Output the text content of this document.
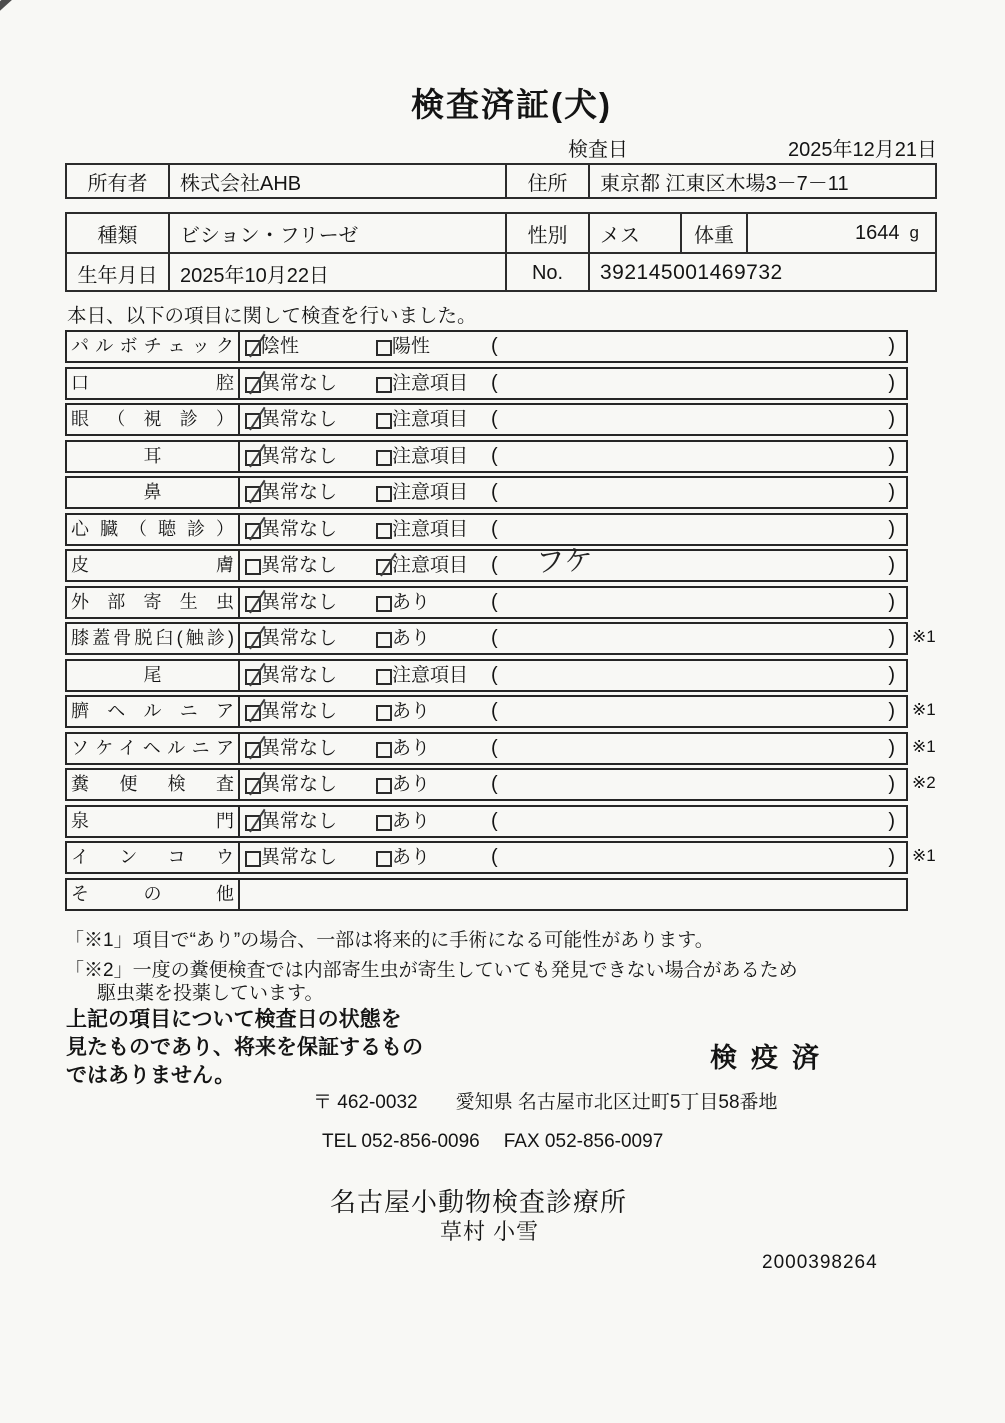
検査済証(犬)
検査日	2025年12月21日
所有者	株式会社AHB	住所	東京都 江東区木場3－7－11
種類	ビション・フリーゼ	性別	メス	体重	1644 g
生年月日	2025年10月22日	No.	392145001469732
本日、以下の項目に関して検査を行いました。
パルボチェック	陰性	陽性	(	)
口腔	異常なし	注意項目 (	)
眼（視診）	異常なし	注意項目 (	)
耳	異常なし	注意項目 (	)
鼻	異常なし	注意項目 (	)
心臓（聴診）	異常なし	注意項目 (	)
皮膚	異常なし	注意項目 ( フケ	)
外部寄生虫	異常なし	あり	(	)
膝蓋骨脱臼(触診)	異常なし	あり	(	) ※1
尾	異常なし	注意項目 (	)
臍ヘルニア	異常なし	あり	(	) ※1
ソケイヘルニア	異常なし	あり	(	) ※1
糞便検査	異常なし	あり	(	) ※2
泉門	異常なし	あり	(	)
インコウ	異常なし	あり	(	) ※1
その他
「※1」項目で“あり”の場合、一部は将来的に手術になる可能性があります。
「※2」一度の糞便検査では内部寄生虫が寄生していても発見できない場合があるため
駆虫薬を投薬しています。
上記の項目について検査日の状態を
見たものであり、将来を保証するもの
ではありません。
検疫済
〒 462-0032 愛知県 名古屋市北区辻町5丁目58番地
TEL 052-856-0096 FAX 052-856-0097
名古屋小動物検査診療所
草村 小雪
2000398264
